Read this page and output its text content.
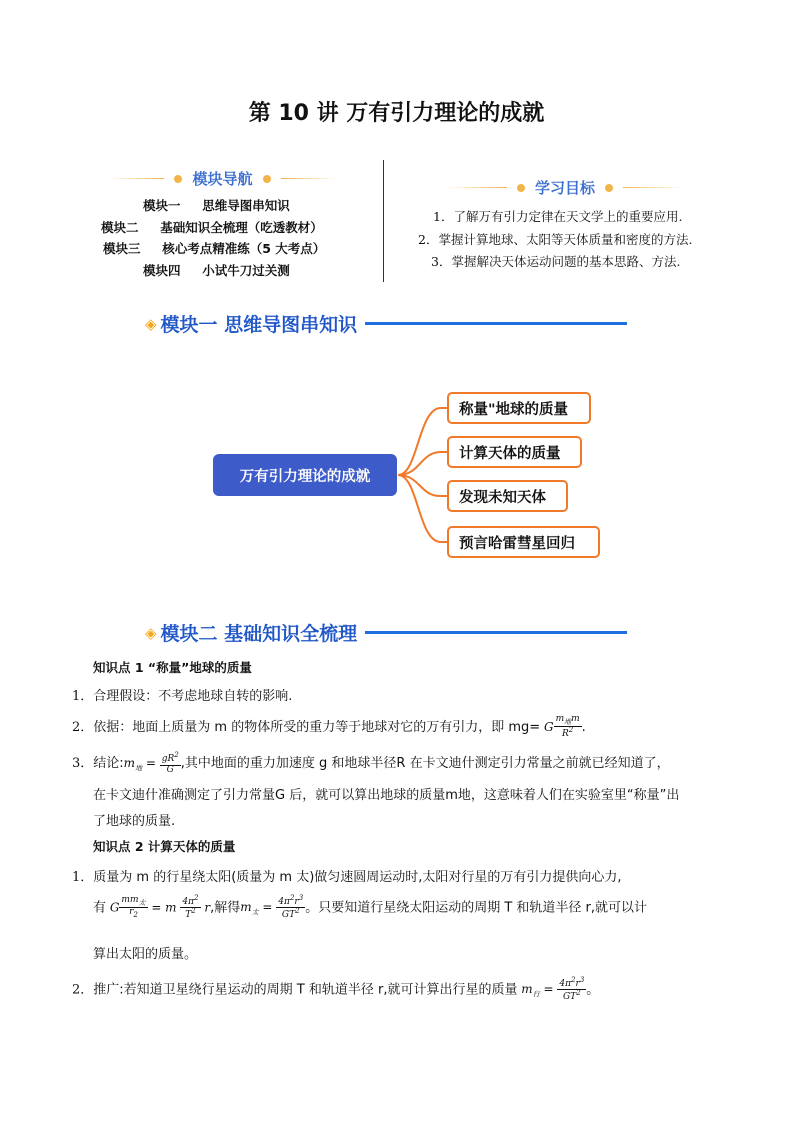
第 10 讲 万有引力理论的成就
模块导航
模块一     思维导图串知识
模块二     基础知识全梳理（吃透教材）
模块三     核心考点精准练（5 大考点）
模块四     小试牛刀过关测
学习目标
1．了解万有引力定律在天文学上的重要应用.
2．掌握计算地球、太阳等天体质量和密度的方法.
3．掌握解决天体运动问题的基本思路、方法.
◈ 模块一 思维导图串知识
万有引力理论的成就
称量"地球的质量
计算天体的质量
发现未知天体
预言哈雷彗星回归
◈ 模块二 基础知识全梳理
知识点 1 “称量”地球的质量
1．合理假设：不考虑地球自转的影响.
2．依据：地面上质量为 m 的物体所受的重力等于地球对它的万有引力，即 mg= G $\frac{m_地m}{R^2}$ .
3．结论$:m_地 = \frac{gR^2}{G}$ ,其中地面的重力加速度 g 和地球半径R 在卡文迪什测定引力常量之前就已经知道了，
在卡文迪什准确测定了引力常量G 后，就可以算出地球的质量m地，这意味着人们在实验室里“称量”出
了地球的质量.
知识点 2 计算天体的质量
1．质量为 m 的行星绕太阳(质量为 m 太)做匀速圆周运动时,太阳对行星的万有引力提供向心力,
有 G $\frac{mm_太}{r_2} = m \frac{4\pi^2}{T^2} r$,解得$m_太 = \frac{4\pi^2r^3}{GT^2}$ 。只要知道行星绕太阳运动的周期 T 和轨道半径 r,就可以计
算出太阳的质量。
2．推广:若知道卫星绕行星运动的周期 T 和轨道半径 r,就可计算出行星的质量 $m_行 = \frac{4\pi^2r^3}{GT^2}$ 。
